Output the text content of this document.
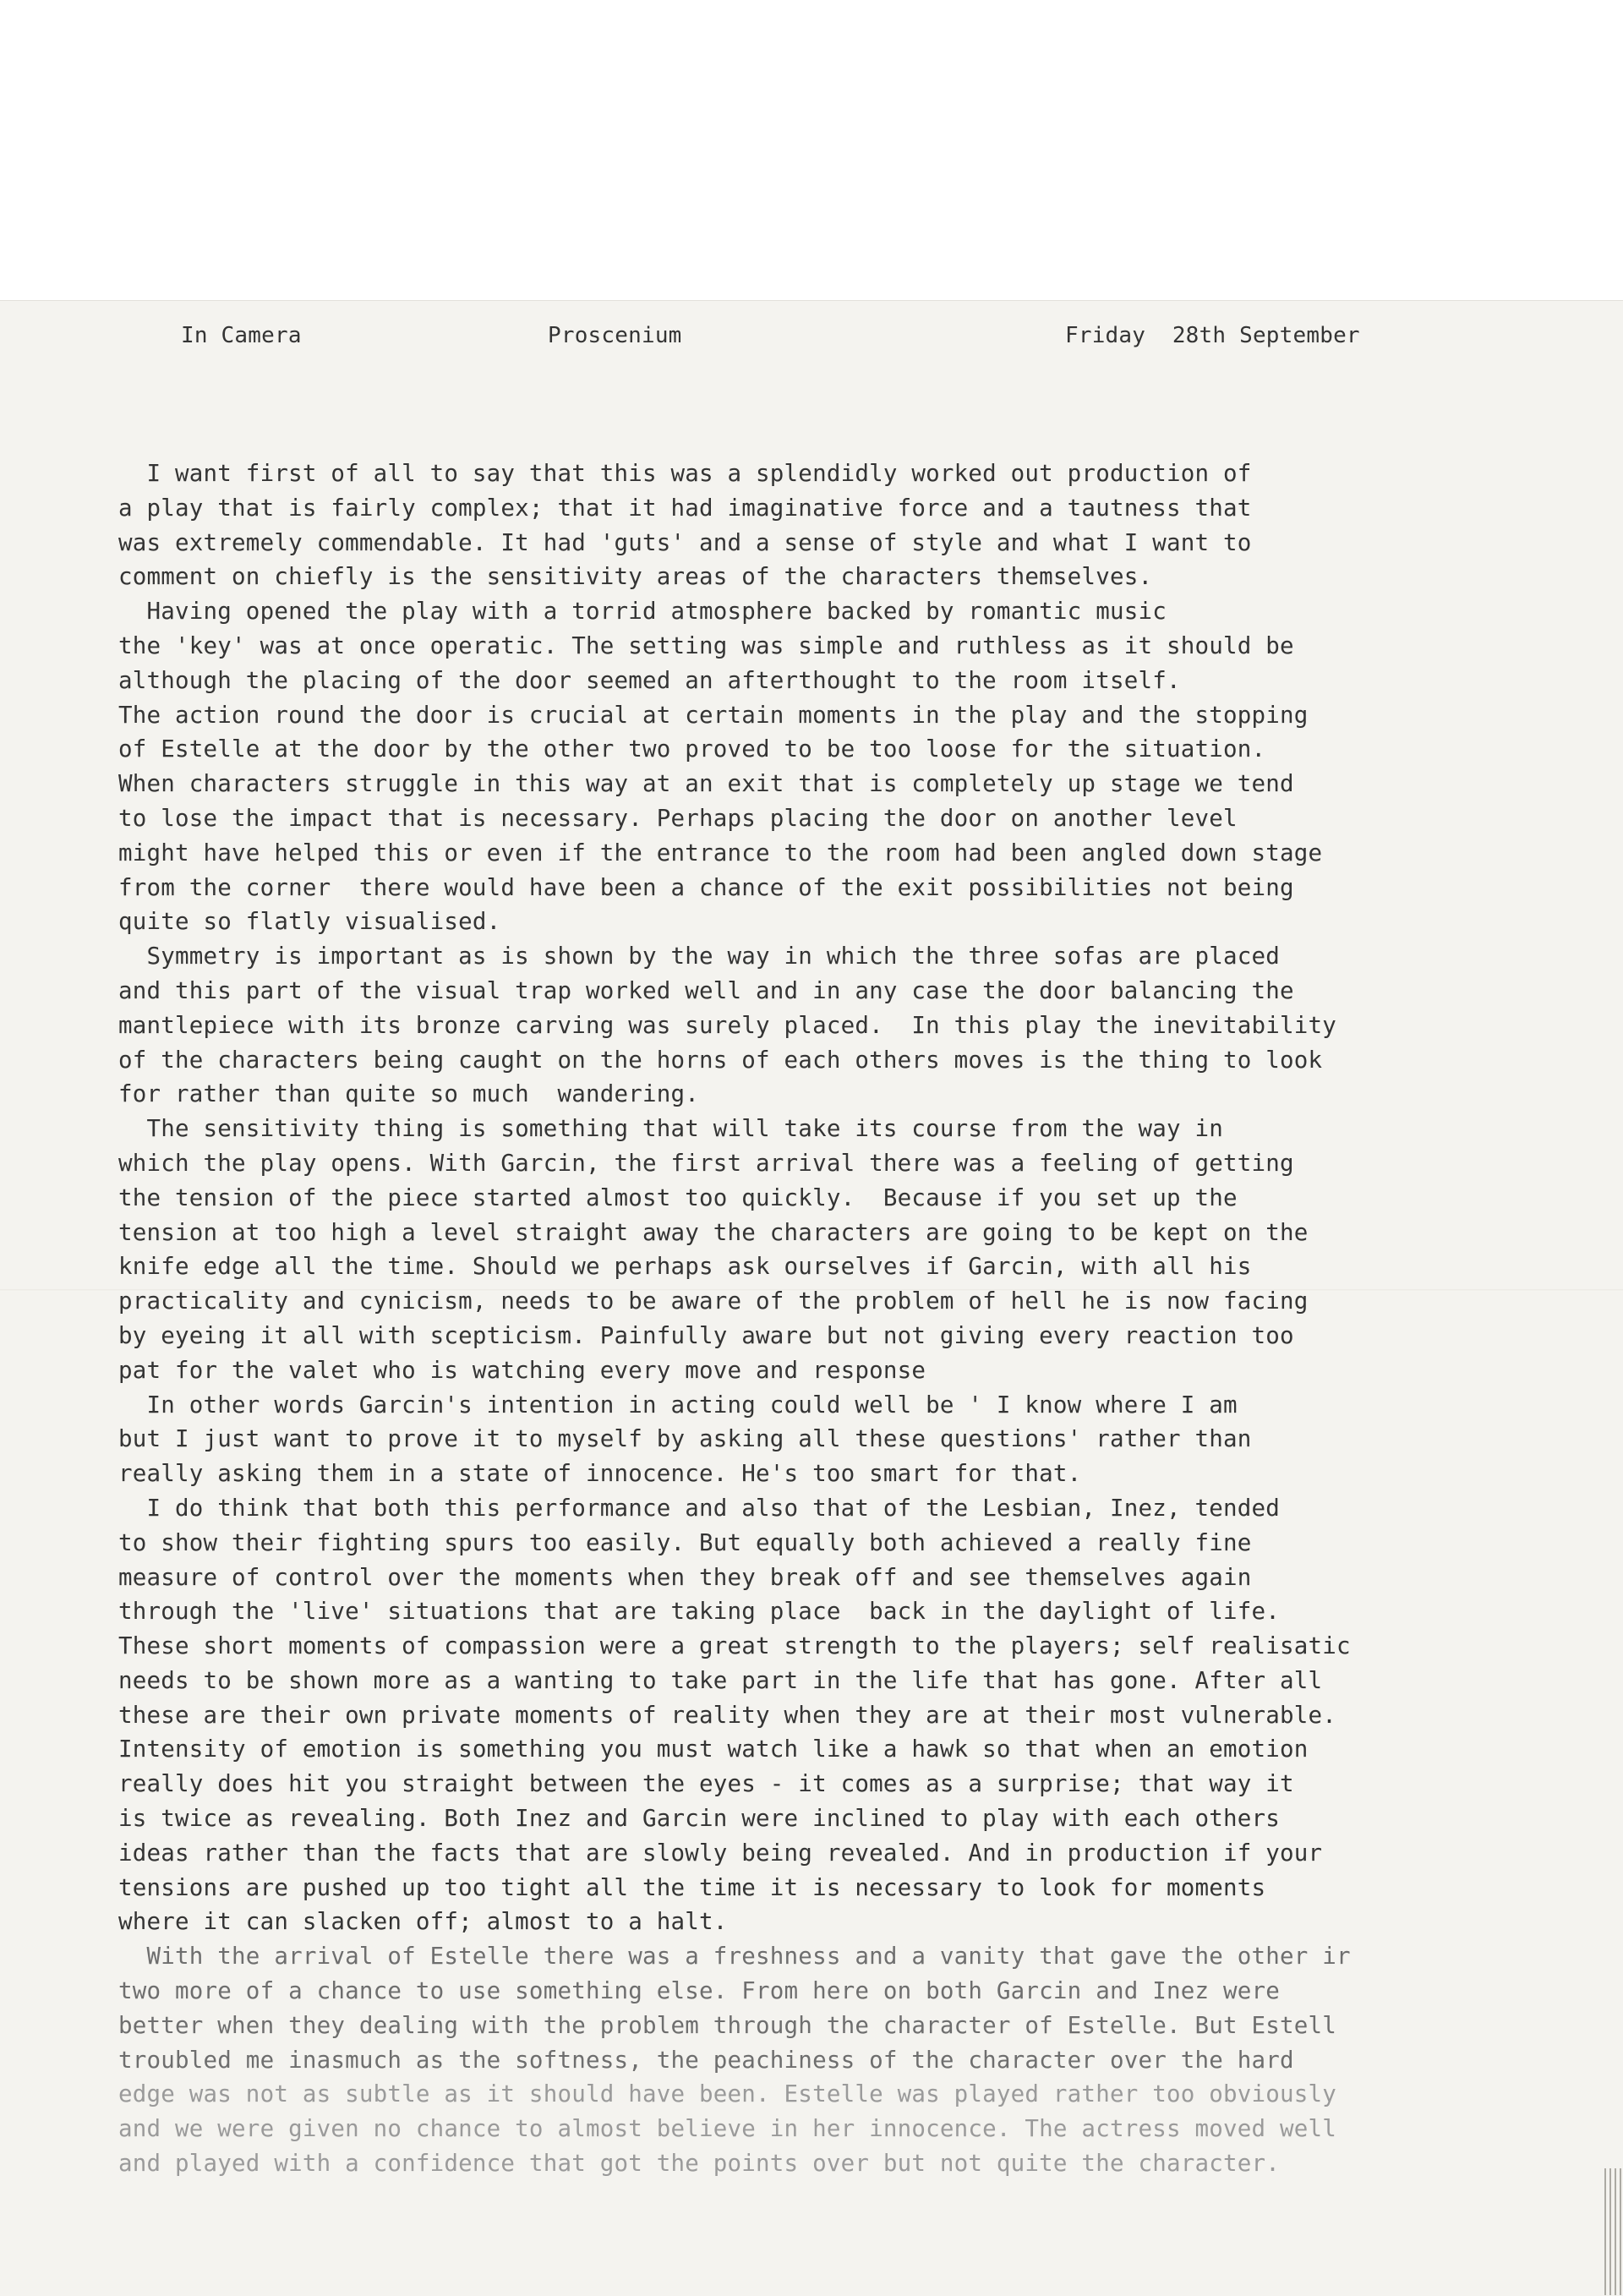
In Camera

	Proscenium

	Friday  28th September

I want first of all to say that this was a splendidly worked out production of
a play that is fairly complex; that it had imaginative force and a tautness that
was extremely commendable. It had 'guts' and a sense of style and what I want to
comment on chiefly is the sensitivity areas of the characters themselves.
Having opened the play with a torrid atmosphere backed by romantic music
the 'key' was at once operatic. The setting was simple and ruthless as it should be
although the placing of the door seemed an afterthought to the room itself.
The action round the door is crucial at certain moments in the play and the stopping
of Estelle at the door by the other two proved to be too loose for the situation.
When characters struggle in this way at an exit that is completely up stage we tend
to lose the impact that is necessary. Perhaps placing the door on another level
might have helped this or even if the entrance to the room had been angled down stage
from the corner  there would have been a chance of the exit possibilities not being
quite so flatly visualised.
Symmetry is important as is shown by the way in which the three sofas are placed
and this part of the visual trap worked well and in any case the door balancing the
mantlepiece with its bronze carving was surely placed.  In this play the inevitability
of the characters being caught on the horns of each others moves is the thing to look
for rather than quite so much  wandering.
The sensitivity thing is something that will take its course from the way in
which the play opens. With Garcin, the first arrival there was a feeling of getting
the tension of the piece started almost too quickly.  Because if you set up the
tension at too high a level straight away the characters are going to be kept on the
knife edge all the time. Should we perhaps ask ourselves if Garcin, with all his
practicality and cynicism, needs to be aware of the problem of hell he is now facing
by eyeing it all with scepticism. Painfully aware but not giving every reaction too
pat for the valet who is watching every move and response
In other words Garcin's intention in acting could well be ' I know where I am
but I just want to prove it to myself by asking all these questions' rather than
really asking them in a state of innocence. He's too smart for that.
I do think that both this performance and also that of the Lesbian, Inez, tended
to show their fighting spurs too easily. But equally both achieved a really fine
measure of control over the moments when they break off and see themselves again
through the 'live' situations that are taking place  back in the daylight of life.
These short moments of compassion were a great strength to the players; self realisatic
needs to be shown more as a wanting to take part in the life that has gone. After all
these are their own private moments of reality when they are at their most vulnerable.
Intensity of emotion is something you must watch like a hawk so that when an emotion
really does hit you straight between the eyes - it comes as a surprise; that way it
is twice as revealing. Both Inez and Garcin were inclined to play with each others
ideas rather than the facts that are slowly being revealed. And in production if your
tensions are pushed up too tight all the time it is necessary to look for moments
where it can slacken off; almost to a halt.
With the arrival of Estelle there was a freshness and a vanity that gave the other ir
two more of a chance to use something else. From here on both Garcin and Inez were
better when they dealing with the problem through the character of Estelle. But Estell
troubled me inasmuch as the softness, the peachiness of the character over the hard
edge was not as subtle as it should have been. Estelle was played rather too obviously
and we were given no chance to almost believe in her innocence. The actress moved well
and played with a confidence that got the points over but not quite the character.
